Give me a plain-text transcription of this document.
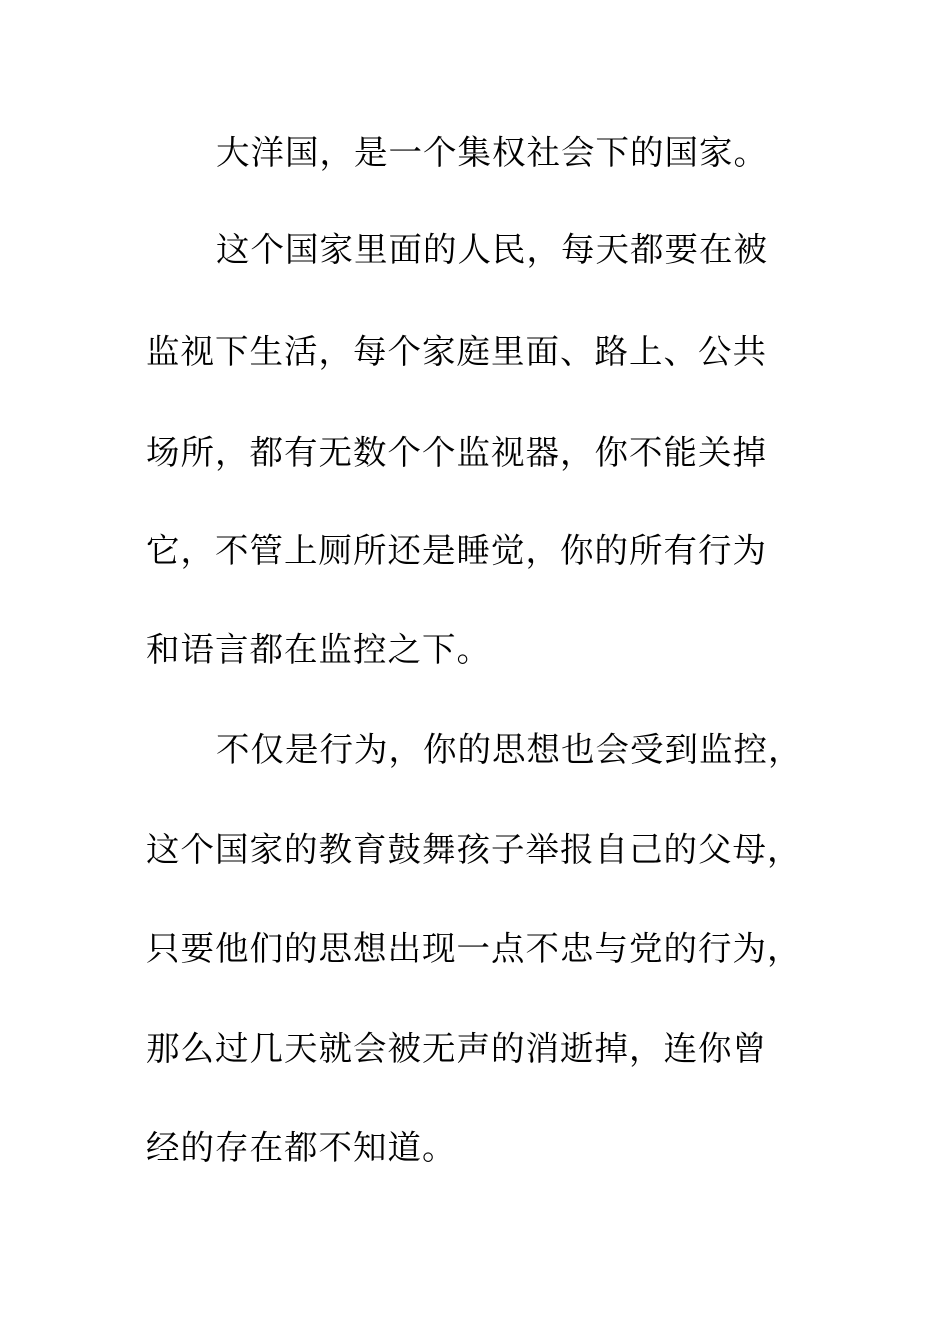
大洋国，是一个集权社会下的国家。
这个国家里面的人民，每天都要在被
监视下生活，每个家庭里面、路上、公共
场所，都有无数个个监视器，你不能关掉
它，不管上厕所还是睡觉，你的所有行为
和语言都在监控之下。
不仅是行为，你的思想也会受到监控，
这个国家的教育鼓舞孩子举报自己的父母，
只要他们的思想出现一点不忠与党的行为，
那么过几天就会被无声的消逝掉，连你曾
经的存在都不知道。
